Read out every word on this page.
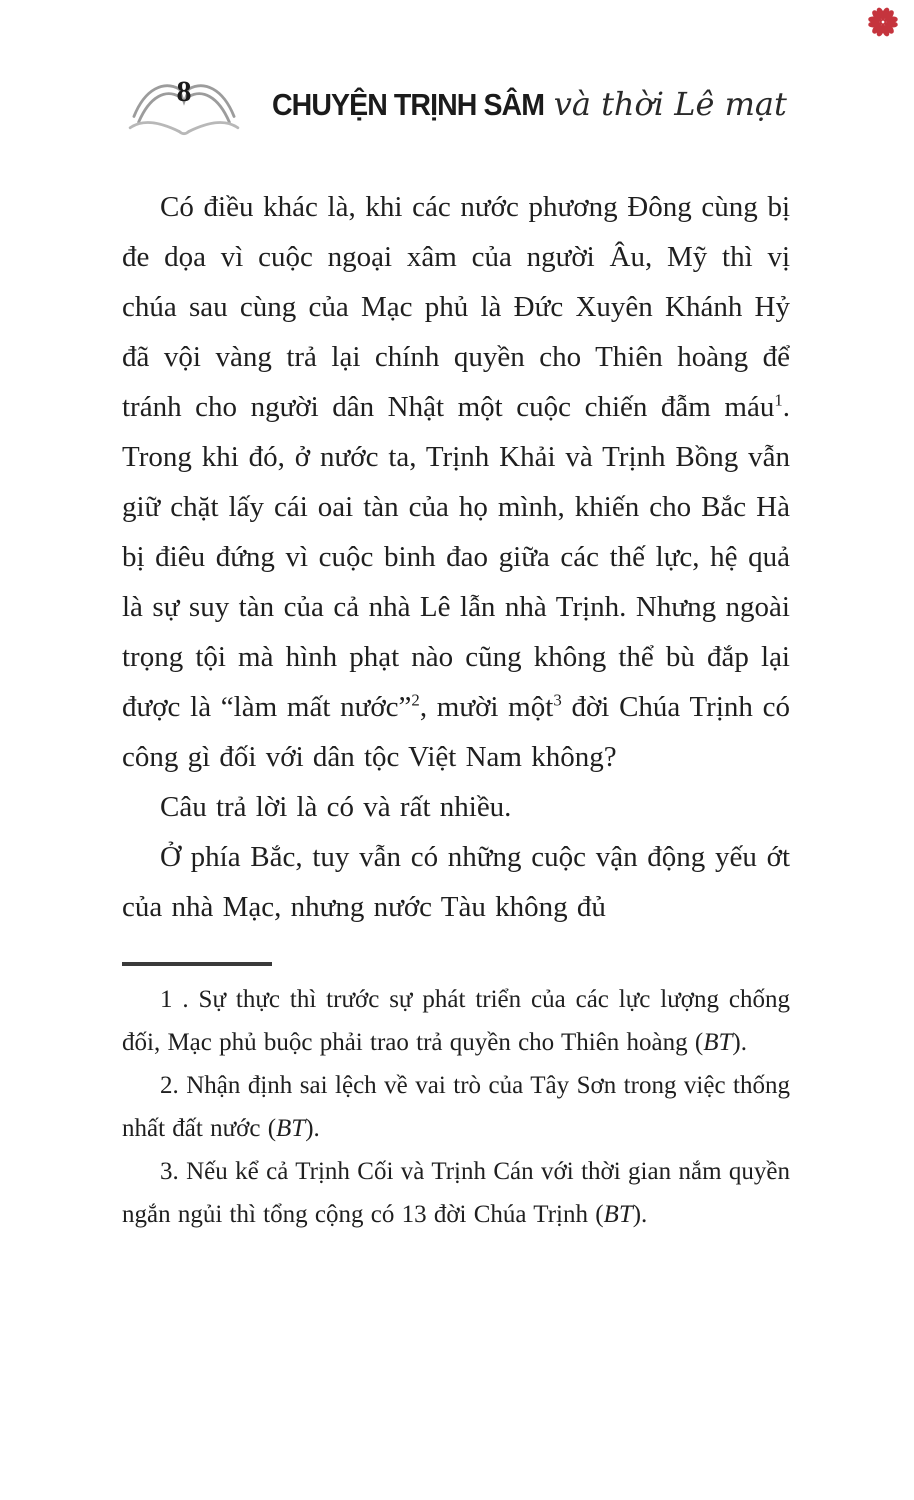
8	CHUYỆN TRỊNH SÂM và thời Lê mạt

Có điều khác là, khi các nước phương Đông cùng bị đe dọa vì cuộc ngoại xâm của người Âu, Mỹ thì vị chúa sau cùng của Mạc phủ là Đức Xuyên Khánh Hỷ đã vội vàng trả lại chính quyền cho Thiên hoàng để tránh cho người dân Nhật một cuộc chiến đẫm máu$^1$. Trong khi đó, ở nước ta, Trịnh Khải và Trịnh Bồng vẫn giữ chặt lấy cái oai tàn của họ mình, khiến cho Bắc Hà bị điêu đứng vì cuộc binh đao giữa các thế lực, hệ quả là sự suy tàn của cả nhà Lê lẫn nhà Trịnh. Nhưng ngoài trọng tội mà hình phạt nào cũng không thể bù đắp lại được là “làm mất nước”$^2$, mười một$^3$ đời Chúa Trịnh có công gì đối với dân tộc Việt Nam không?

Câu trả lời là có và rất nhiều.

Ở phía Bắc, tuy vẫn có những cuộc vận động yếu ớt của nhà Mạc, nhưng nước Tàu không đủ

1 . Sự thực thì trước sự phát triển của các lực lượng chống đối, Mạc phủ buộc phải trao trả quyền cho Thiên hoàng (BT).

2. Nhận định sai lệch về vai trò của Tây Sơn trong việc thống nhất đất nước (BT).

3. Nếu kể cả Trịnh Cối và Trịnh Cán với thời gian nắm quyền ngắn ngủi thì tổng cộng có 13 đời Chúa Trịnh (BT).
